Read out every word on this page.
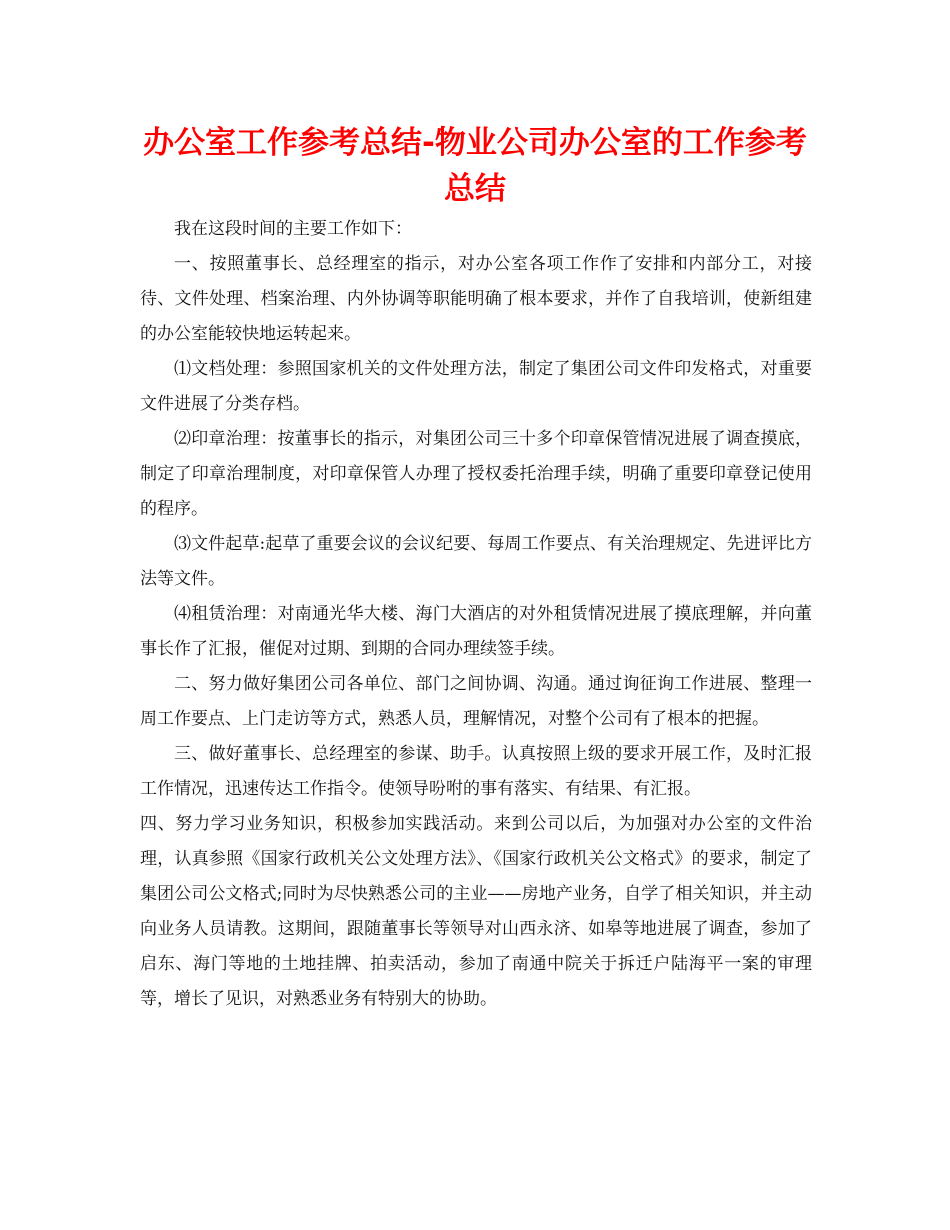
办公室工作参考总结-物业公司办公室的工作参考总结

我在这段时间的主要工作如下：

一、按照董事长、总经理室的指示，对办公室各项工作作了安排和内部分工，对接待、文件处理、档案治理、内外协调等职能明确了根本要求，并作了自我培训，使新组建的办公室能较快地运转起来。

⑴文档处理：参照国家机关的文件处理方法，制定了集团公司文件印发格式，对重要文件进展了分类存档。

⑵印章治理：按董事长的指示，对集团公司三十多个印章保管情况进展了调查摸底，制定了印章治理制度，对印章保管人办理了授权委托治理手续，明确了重要印章登记使用的程序。

⑶文件起草:起草了重要会议的会议纪要、每周工作要点、有关治理规定、先进评比方法等文件。

⑷租赁治理：对南通光华大楼、海门大酒店的对外租赁情况进展了摸底理解，并向董事长作了汇报，催促对过期、到期的合同办理续签手续。

二、努力做好集团公司各单位、部门之间协调、沟通。通过询征询工作进展、整理一周工作要点、上门走访等方式，熟悉人员，理解情况，对整个公司有了根本的把握。

三、做好董事长、总经理室的参谋、助手。认真按照上级的要求开展工作，及时汇报工作情况，迅速传达工作指令。使领导吩咐的事有落实、有结果、有汇报。

四、努力学习业务知识，积极参加实践活动。来到公司以后，为加强对办公室的文件治理，认真参照《国家行政机关公文处理方法》、《国家行政机关公文格式》的要求，制定了集团公司公文格式;同时为尽快熟悉公司的主业——房地产业务，自学了相关知识，并主动向业务人员请教。这期间，跟随董事长等领导对山西永济、如皋等地进展了调查，参加了启东、海门等地的土地挂牌、拍卖活动，参加了南通中院关于拆迁户陆海平一案的审理等，增长了见识，对熟悉业务有特别大的协助。
